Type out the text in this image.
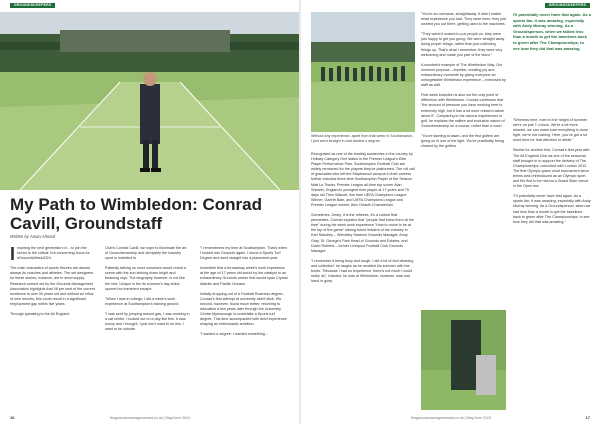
GROUNDSKEEPERS
My Path to Wimbledon: Conrad Cavill, Groundstaff
Written by Aman Ahmed

Inspiring the next generation of... to join the sector is the critical, but concerning focus for #GroundsWeek2024.

The main characters of sports fixtures are almost always its coaches and athletes. The set designers for these stories, however, are in short supply. Research carried out by the Grounds Management Association highlights that 48 per cent of the current workforce is over 50 years old and without an influx of new recruits, this could result in a significant employment gap within five years.

Through speaking to the All England

Club's Conrad Cavill, we hope to illuminate the art of Groundsmanship and demystify the industry sport is indebted to.

Patiently talking us most ourselves would revisit a scene with the sun shining down bright and beaming rays. The biography however, is not like the rest. Unique in the its summer's day shine, spurred an imminent escape.

"When I was in college, I did a week's work experience at Southampton's training ground.

"I was sent by jumping around gas, I was working in a cat centre. I looked out on a day like this. It was sunny and I thought, I just don't want to do this. I want to be outside.

"I remembered my time at Southampton. That's when I looked into Grounds again. I found a Sports Turf Degree and went straight into a placement year.

Incredible that a throwaway week's work experience at the age of 17 years old would by the catalyst to an extraordinary Grounds career that would span Crystal Atlantic and Pacific Oceans.

Initially dropping out of a Football Business degree, Conrad's first attempt at university didn't stick. His second, however, found much better, returning to education a few years later through the University Centre Myerscough to undertake a Sports turf degree. This time accompanied with lived experience shaping an enthusiastic ambition.

"I wanted a degree. I wanted something...

16	thegroundsmanagementad.co.uk | May/June 2024
GROUNDSKEEPERS
Without any experience, apart from that week in Southampton, I just went straight in and started a degree.

Recognised as one of the leading academies in the country by Holiday Category One status in the Premier League's Elite Player Performance Plan, Southampton Football Club are widely renowned for the players they've platformed. The roll call of graduates who left the Staplewood campus in their careers further includes three time Southampton Player of the Season Matt Le Tissier, Premier League all-time top scorer Alan Shearer, England's youngest ever player at 17 years and 75 days old Theo Walcott, five time UEFA Champions League Winner, Gareth Bale, and UEFA Champions League and Premier League winner, Alex Oxlade-Chamberlain.

Sometimes, Jewry, it is the reflexes, it's a culture that permeates. Conrad explains that "people that knew them at the time" during his week work experience "How to move to be at the top of the game" raising future leaders of the industry in Karl Standley – Wembley Stadium Grounds Manager, Andy Gray, St. George's Park Head of Grounds and Estates, and David Roberts – former Liverpool Football Club Grounds Manager.

"I remember it being busy and tough. I did a lot of foot cleaning and collection" he laughs as he recalled his summer with the boots. "Because I had no experience, there's not much I could really do", Insisted, he was at Wimbledon, however, was mot hand in glory.

"You're an overseas, straightaway. It didn't matter what experience you had. They were keen, they just wanted you out there, getting used to the machines.

"They weren't scared to put people on, they were just happy to get you going. We were straight away doing proper things, rather than just collecting things up. That's what I remember, they were very welcoming and made you part of the team."

A wonderful example of The Wimbledon Way. Our common purpose – impeller, creating joy and extraordinary moments by giving everyone an unforgettable Wimbledon experience – exercised by staff as well.

First week induction is also not the only point of difference with Wimbledon. Conrad confesses that "the amount of pressure you have working here is extremely high, but it has a lot more relaxed nature about it". Comparing to his various experiences in golf, he explains the calibre and exclusive nature of Groundsmanship on a course, rather than a court.

"You're starting at dawn, and the first golfers are going on in one of the light. You're practically being chased by the golfers.

I'll potentially never have that again. As a sports fan, it was amazing, especially with Andy Murray winning. As a Groundsperson, when we talked less than a month to get the baselines back to green after The Championships, to see how they did that was amazing.

"Whereas here, even in the height of summer, we're on just 7 o'clock. We're a lot more relaxed, we can make sure everything is done right, we're not rushing. Here, you've got a lot more time for that attention to detail."

Similar for another first, Conrad's first year with The All England Club as one of the seasonal staff brought in to support the delivery of The Championships, coincided with London 2012, The first Olympic grass court tournament since tennis was reintroduced as an Olympic sport, and the first to be held at a Grand Slam venue in the Open era.

"I'll potentially never have that again. As a sports fan, it was amazing, especially with Andy Murray winning. As a Groundsperson, when we had less than a month to get the baselines back to green after The Championships, to see how they did that was amazing."

thegroundsmanagementad.co.uk | May/June 2024	17
